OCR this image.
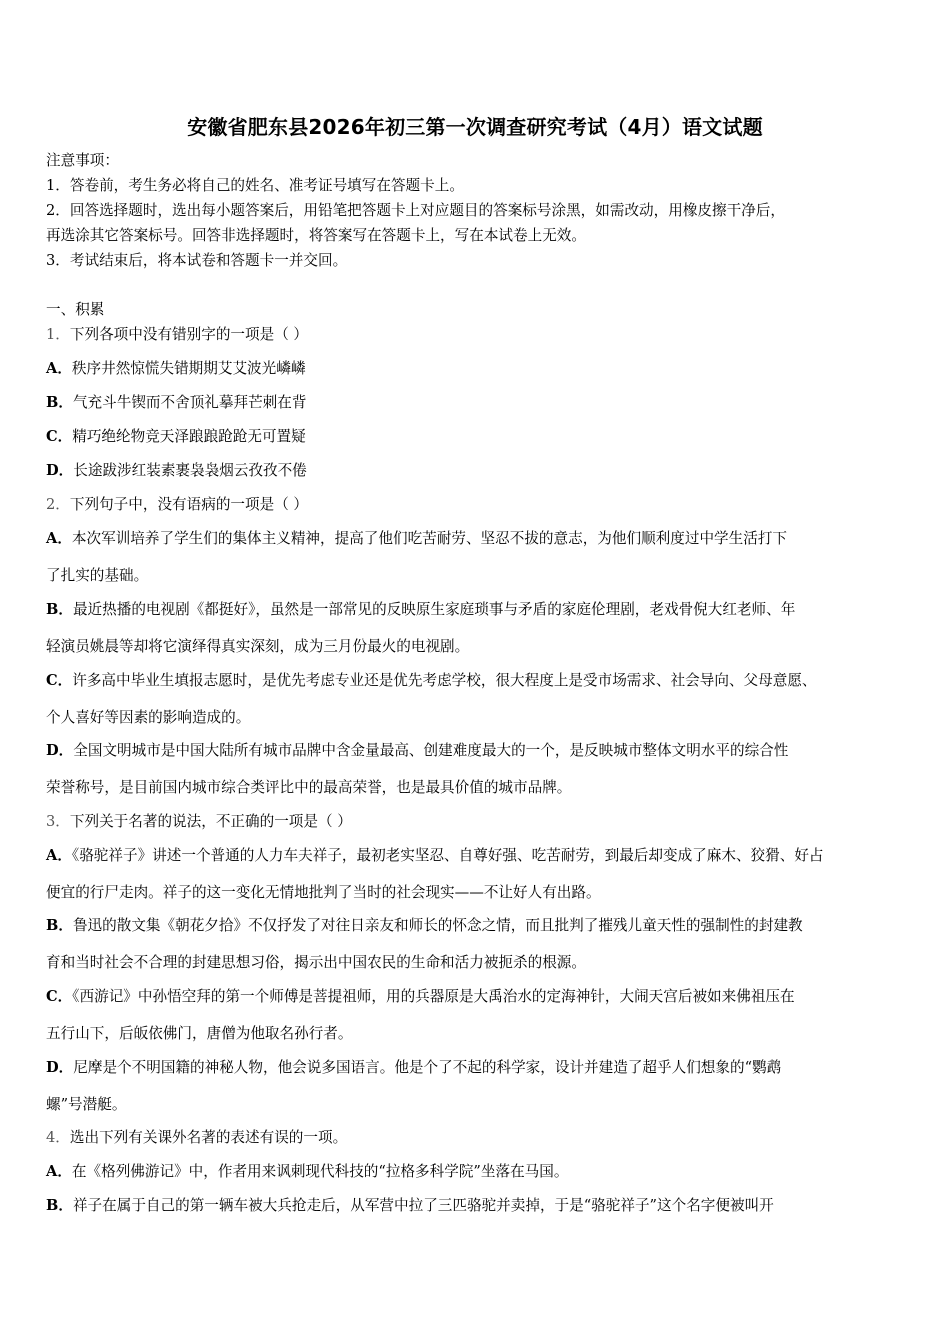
安徽省肥东县2026年初三第一次调查研究考试（4月）语文试题
注意事项：
1．答卷前，考生务必将自己的姓名、准考证号填写在答题卡上。
2．回答选择题时，选出每小题答案后，用铅笔把答题卡上对应题目的答案标号涂黑，如需改动，用橡皮擦干净后，
再选涂其它答案标号。回答非选择题时，将答案写在答题卡上，写在本试卷上无效。
3．考试结束后，将本试卷和答题卡一并交回。
一、积累
1．下列各项中没有错别字的一项是（ ）
A．秩序井然惊慌失错期期艾艾波光嶙嶙
B．气充斗牛锲而不舍顶礼摹拜芒刺在背
C．精巧绝纶物竞天泽踉踉跄跄无可置疑
D．长途跋涉红装素裹袅袅烟云孜孜不倦
2．下列句子中，没有语病的一项是（ ）
A．本次军训培养了学生们的集体主义精神，提高了他们吃苦耐劳、坚忍不拔的意志，为他们顺利度过中学生活打下
了扎实的基础。
B．最近热播的电视剧《都挺好》，虽然是一部常见的反映原生家庭琐事与矛盾的家庭伦理剧，老戏骨倪大红老师、年
轻演员姚晨等却将它演绎得真实深刻，成为三月份最火的电视剧。
C．许多高中毕业生填报志愿时，是优先考虑专业还是优先考虑学校，很大程度上是受市场需求、社会导向、父母意愿、
个人喜好等因素的影响造成的。
D．全国文明城市是中国大陆所有城市品牌中含金量最高、创建难度最大的一个，是反映城市整体文明水平的综合性
荣誉称号，是目前国内城市综合类评比中的最高荣誉，也是最具价值的城市品牌。
3．下列关于名著的说法，不正确的一项是（ ）
A．《骆驼祥子》讲述一个普通的人力车夫祥子，最初老实坚忍、自尊好强、吃苦耐劳，到最后却变成了麻木、狡猾、好占
便宜的行尸走肉。祥子的这一变化无情地批判了当时的社会现实——不让好人有出路。
B．鲁迅的散文集《朝花夕拾》不仅抒发了对往日亲友和师长的怀念之情，而且批判了摧残儿童天性的强制性的封建教
育和当时社会不合理的封建思想习俗，揭示出中国农民的生命和活力被扼杀的根源。
C．《西游记》中孙悟空拜的第一个师傅是菩提祖师，用的兵器原是大禹治水的定海神针，大闹天宫后被如来佛祖压在
五行山下，后皈依佛门，唐僧为他取名孙行者。
D．尼摩是个不明国籍的神秘人物，他会说多国语言。他是个了不起的科学家，设计并建造了超乎人们想象的“鹦鹉
螺”号潜艇。
4．选出下列有关课外名著的表述有误的一项。
A．在《格列佛游记》中，作者用来讽刺现代科技的“拉格多科学院”坐落在马国。
B．祥子在属于自己的第一辆车被大兵抢走后，从军营中拉了三匹骆驼并卖掉，于是“骆驼祥子”这个名字便被叫开
